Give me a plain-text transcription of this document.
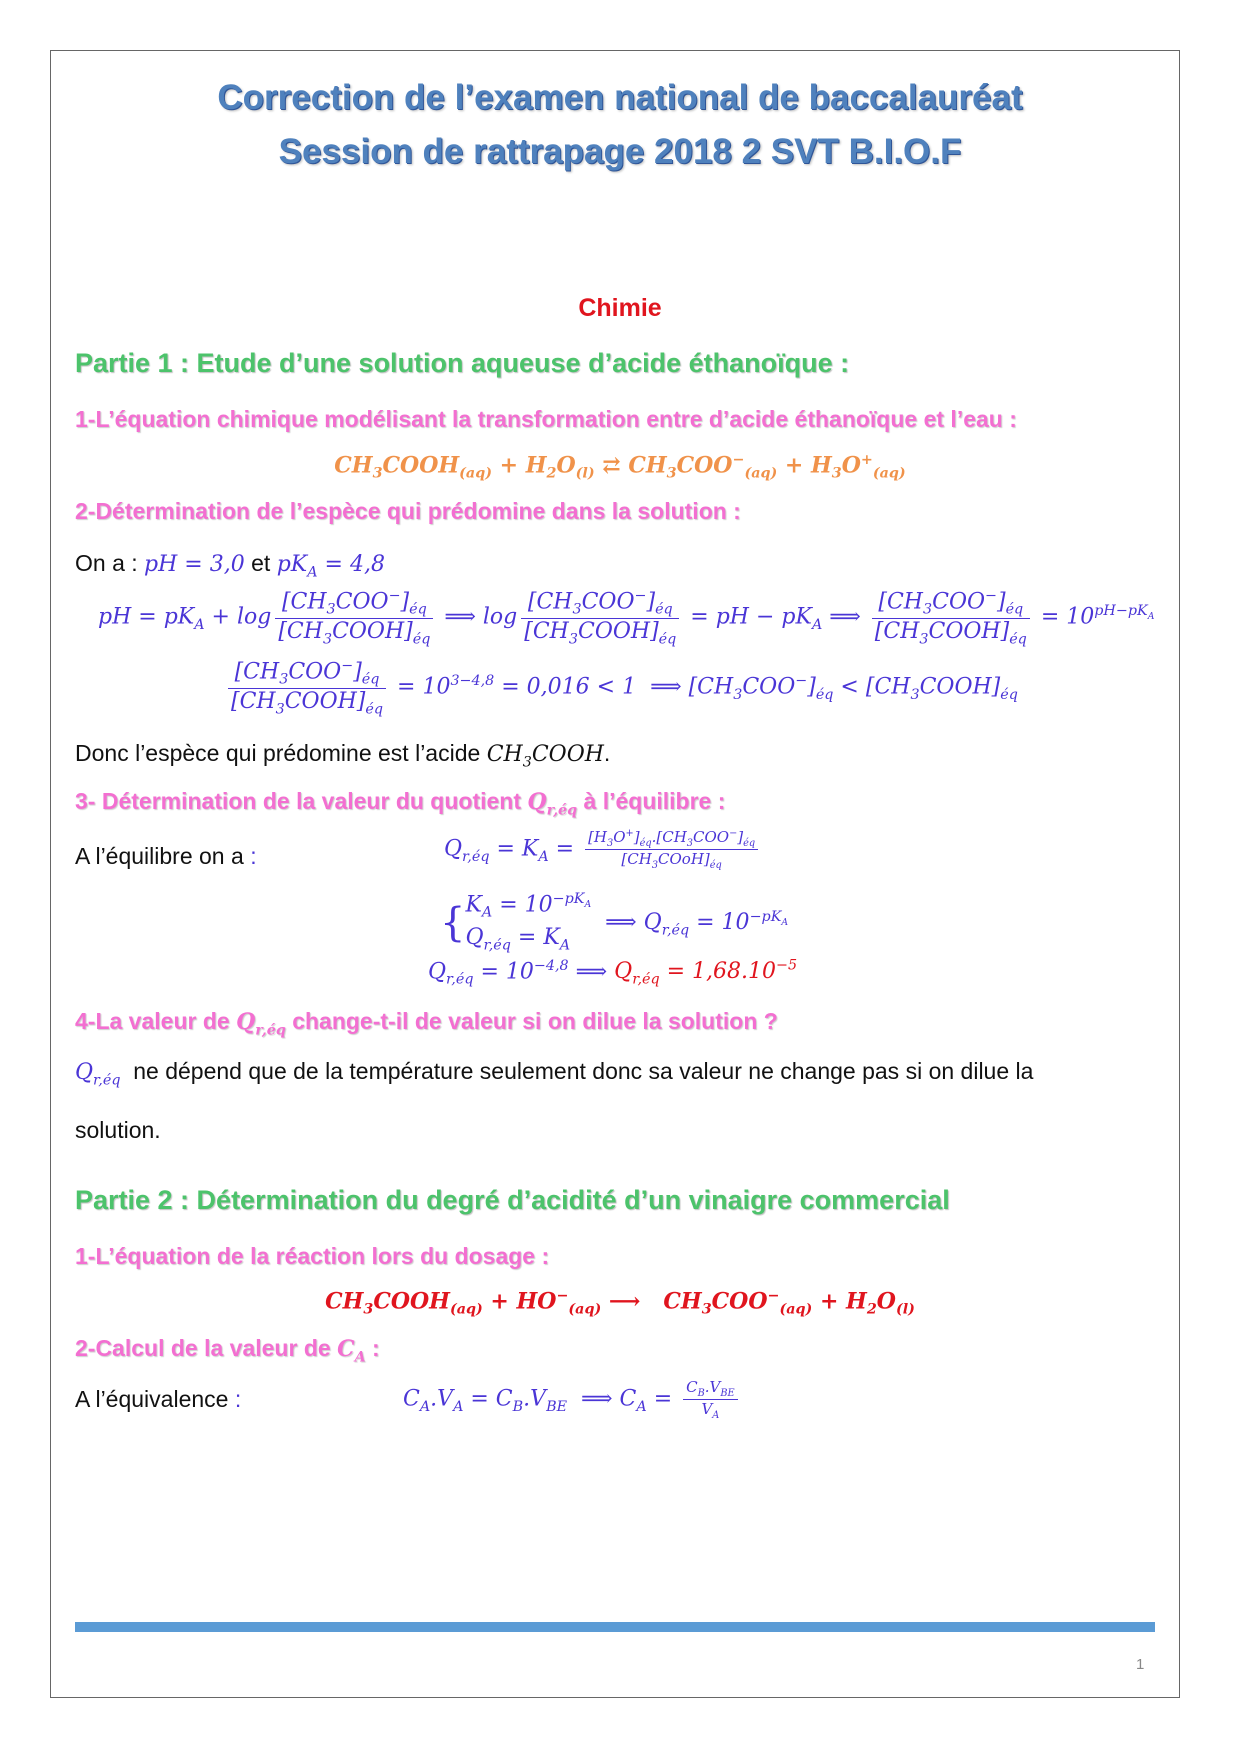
Correction de l’examen national de baccalauréat
Session de rattrapage 2018 2 SVT B.I.O.F
Chimie
Partie 1 : Etude d’une solution aqueuse d’acide éthanoïque :
1-L’équation chimique modélisant la transformation entre d’acide éthanoïque et l’eau :
$CH_3COOH_{(aq)} + H_2O_{(l)}$ ⇄ $CH_3COO^-_{(aq)} + H_3O^+_{(aq)}$
2-Détermination de l’espèce qui prédomine dans la solution :
On a : pH = 3,0 et $pK_A = 4,8$
pH = $pK_A + \log \frac{[CH_3COO^-]_{éq}}{[CH_3COOH]_{éq}}$ ⟹ $\log \frac{[CH_3COO^-]_{éq}}{[CH_3COOH]_{éq}}$ = pH − $pK_A$ ⟹ $\frac{[CH_3COO^-]_{éq}}{[CH_3COOH]_{éq}} = 10^{pH-pK_A}$
$\frac{[CH_3COO^-]_{éq}}{[CH_3COOH]_{éq}} = 10^{3-4,8} = 0,016 < 1$  ⟹ $[CH_3COO^-]_{éq}$ < $[CH_3COOH]_{éq}$
Donc l’espèce qui prédomine est l’acide $CH_3COOH$.
3- Détermination de la valeur du quotient $Q_{r,éq}$ à l’équilibre :
A l’équilibre on a :	$Q_{r,éq} = K_A = \frac{[H_3O^+]_{éq}.[CH_3COO^-]_{éq}}{[CH_3COoH]_{éq}}$
{$K_A = 10^{-pK_A}$
$Q_{r,éq} = K_A$  ⟹ $Q_{r,éq} = 10^{-pK_A}$
$Q_{r,éq} = 10^{-4,8}$ ⟹ $Q_{r,éq} = 1,68.10^{-5}$
4-La valeur de $Q_{r,éq}$ change-t-il de valeur si on dilue la solution ?
$Q_{r,éq}$ ne dépend que de la température seulement donc sa valeur ne change pas si on dilue la
solution.
Partie 2 : Détermination du degré d’acidité d’un vinaigre commercial
1-L’équation de la réaction lors du dosage :
$CH_3COOH_{(aq)} + HO^-_{(aq)}$ ⟶   $CH_3COO^-_{(aq)} + H_2O_{(l)}$
2-Calcul de la valeur de $C_A$ :
A l’équivalence :	$C_A.V_A = C_B.V_{BE}$  ⟹ $C_A = \frac{C_B.V_{BE}}{V_A}$
1
